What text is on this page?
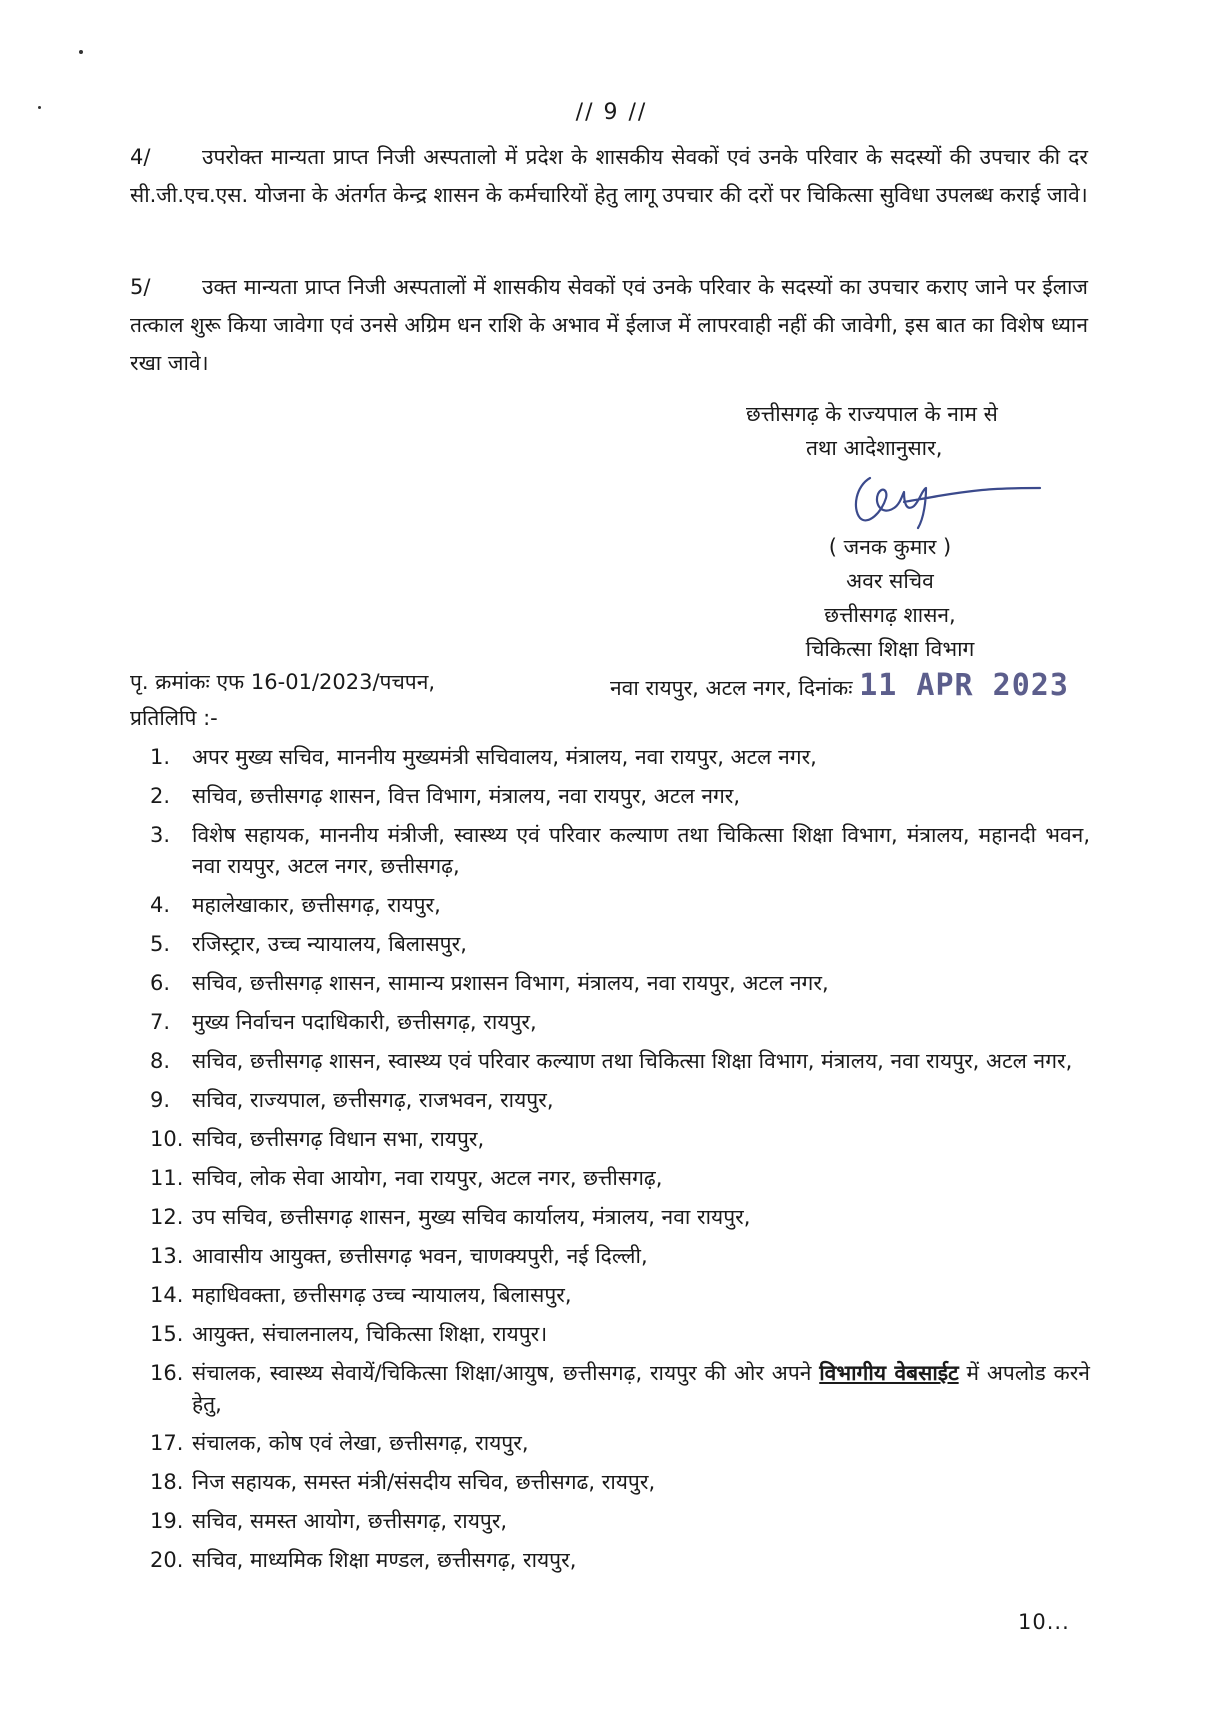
// 9 //

4/ उपरोक्त मान्यता प्राप्त निजी अस्पतालो में प्रदेश के शासकीय सेवकों एवं उनके परिवार के सदस्यों की उपचार की दर सी.जी.एच.एस. योजना के अंतर्गत केन्द्र शासन के कर्मचारियों हेतु लागू उपचार की दरों पर चिकित्सा सुविधा उपलब्ध कराई जावे।

5/ उक्त मान्यता प्राप्त निजी अस्पतालों में शासकीय सेवकों एवं उनके परिवार के सदस्यों का उपचार कराए जाने पर ईलाज तत्काल शुरू किया जावेगा एवं उनसे अग्रिम धन राशि के अभाव में ईलाज में लापरवाही नहीं की जावेगी, इस बात का विशेष ध्यान रखा जावे।

छत्तीसगढ़ के राज्यपाल के नाम से
तथा आदेशानुसार,
( जनक कुमार )
अवर सचिव
छत्तीसगढ़ शासन,
चिकित्सा शिक्षा विभाग
पृ. क्रमांकः एफ 16-01/2023/पचपन,	नवा रायपुर, अटल नगर, दिनांकः 11 APR 2023
प्रतिलिपि :-
1.	अपर मुख्य सचिव, माननीय मुख्यमंत्री सचिवालय, मंत्रालय, नवा रायपुर, अटल नगर,
2.	सचिव, छत्तीसगढ़ शासन, वित्त विभाग, मंत्रालय, नवा रायपुर, अटल नगर,
3.	विशेष सहायक, माननीय मंत्रीजी, स्वास्थ्य एवं परिवार कल्याण तथा चिकित्सा शिक्षा विभाग, मंत्रालय, महानदी भवन, नवा रायपुर, अटल नगर, छत्तीसगढ़,
4.	महालेखाकार, छत्तीसगढ़, रायपुर,
5.	रजिस्ट्रार, उच्च न्यायालय, बिलासपुर,
6.	सचिव, छत्तीसगढ़ शासन, सामान्य प्रशासन विभाग, मंत्रालय, नवा रायपुर, अटल नगर,
7.	मुख्य निर्वाचन पदाधिकारी, छत्तीसगढ़, रायपुर,
8.	सचिव, छत्तीसगढ़ शासन, स्वास्थ्य एवं परिवार कल्याण तथा चिकित्सा शिक्षा विभाग, मंत्रालय, नवा रायपुर, अटल नगर,
9.	सचिव, राज्यपाल, छत्तीसगढ़, राजभवन, रायपुर,
10. सचिव, छत्तीसगढ़ विधान सभा, रायपुर,
11. सचिव, लोक सेवा आयोग, नवा रायपुर, अटल नगर, छत्तीसगढ़,
12. उप सचिव, छत्तीसगढ़ शासन, मुख्य सचिव कार्यालय, मंत्रालय, नवा रायपुर,
13. आवासीय आयुक्त, छत्तीसगढ़ भवन, चाणक्यपुरी, नई दिल्ली,
14. महाधिवक्ता, छत्तीसगढ़ उच्च न्यायालय, बिलासपुर,
15. आयुक्त, संचालनालय, चिकित्सा शिक्षा, रायपुर।
16. संचालक, स्वास्थ्य सेवायें/चिकित्सा शिक्षा/आयुष, छत्तीसगढ़, रायपुर की ओर अपने विभागीय वेबसाईट में अपलोड करने हेतु,
17. संचालक, कोष एवं लेखा, छत्तीसगढ़, रायपुर,
18. निज सहायक, समस्त मंत्री/संसदीय सचिव, छत्तीसगढ, रायपुर,
19. सचिव, समस्त आयोग, छत्तीसगढ़, रायपुर,
20. सचिव, माध्यमिक शिक्षा मण्डल, छत्तीसगढ़, रायपुर,
10...
